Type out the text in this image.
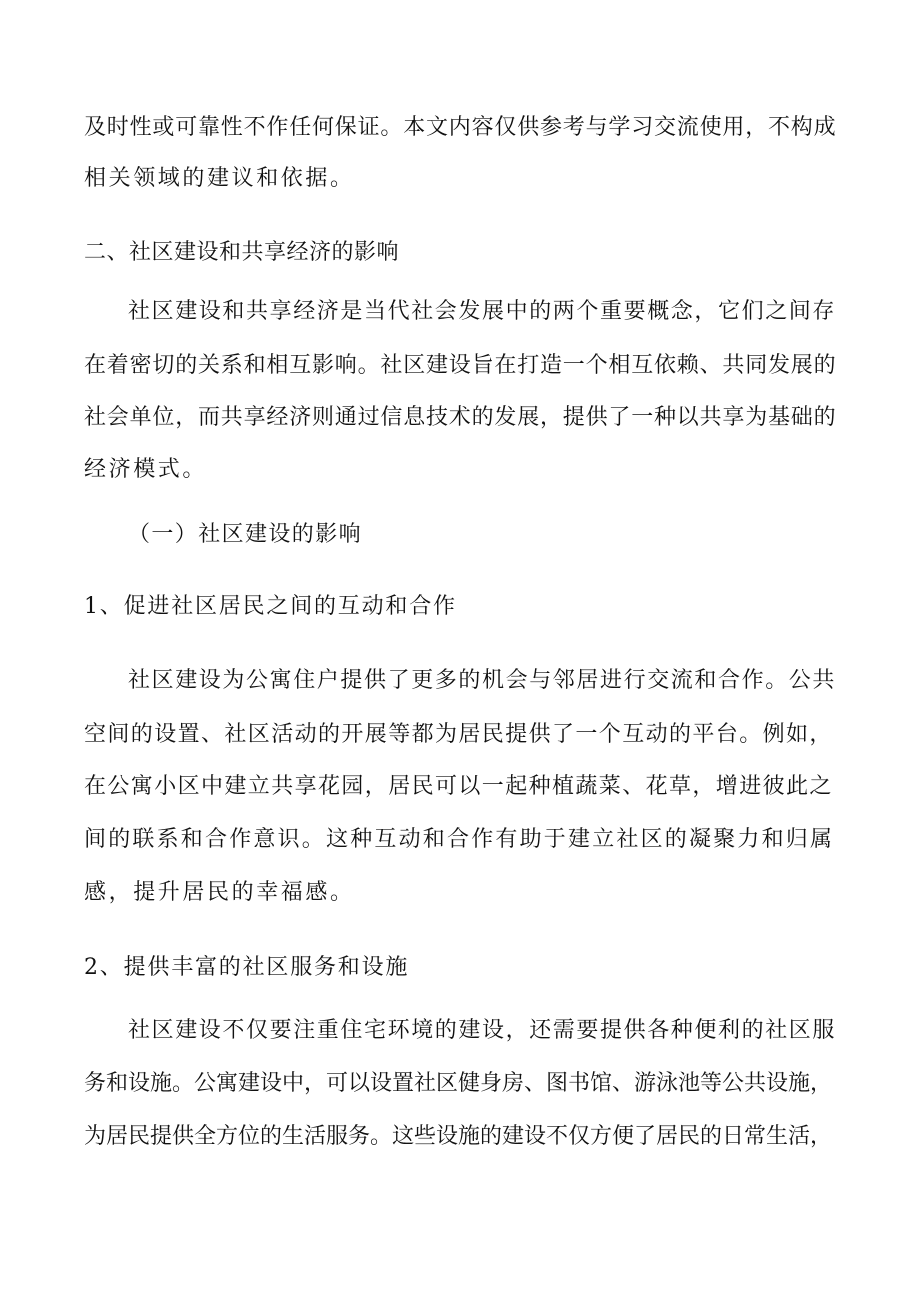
及时性或可靠性不作任何保证。本文内容仅供参考与学习交流使用，不构成
相关领域的建议和依据。
二、社区建设和共享经济的影响
社区建设和共享经济是当代社会发展中的两个重要概念，它们之间存
在着密切的关系和相互影响。社区建设旨在打造一个相互依赖、共同发展的
社会单位，而共享经济则通过信息技术的发展，提供了一种以共享为基础的
经济模式。
（一）社区建设的影响
1、促进社区居民之间的互动和合作
社区建设为公寓住户提供了更多的机会与邻居进行交流和合作。公共
空间的设置、社区活动的开展等都为居民提供了一个互动的平台。例如，
在公寓小区中建立共享花园，居民可以一起种植蔬菜、花草，增进彼此之
间的联系和合作意识。这种互动和合作有助于建立社区的凝聚力和归属
感，提升居民的幸福感。
2、提供丰富的社区服务和设施
社区建设不仅要注重住宅环境的建设，还需要提供各种便利的社区服
务和设施。公寓建设中，可以设置社区健身房、图书馆、游泳池等公共设施，
为居民提供全方位的生活服务。这些设施的建设不仅方便了居民的日常生活，
